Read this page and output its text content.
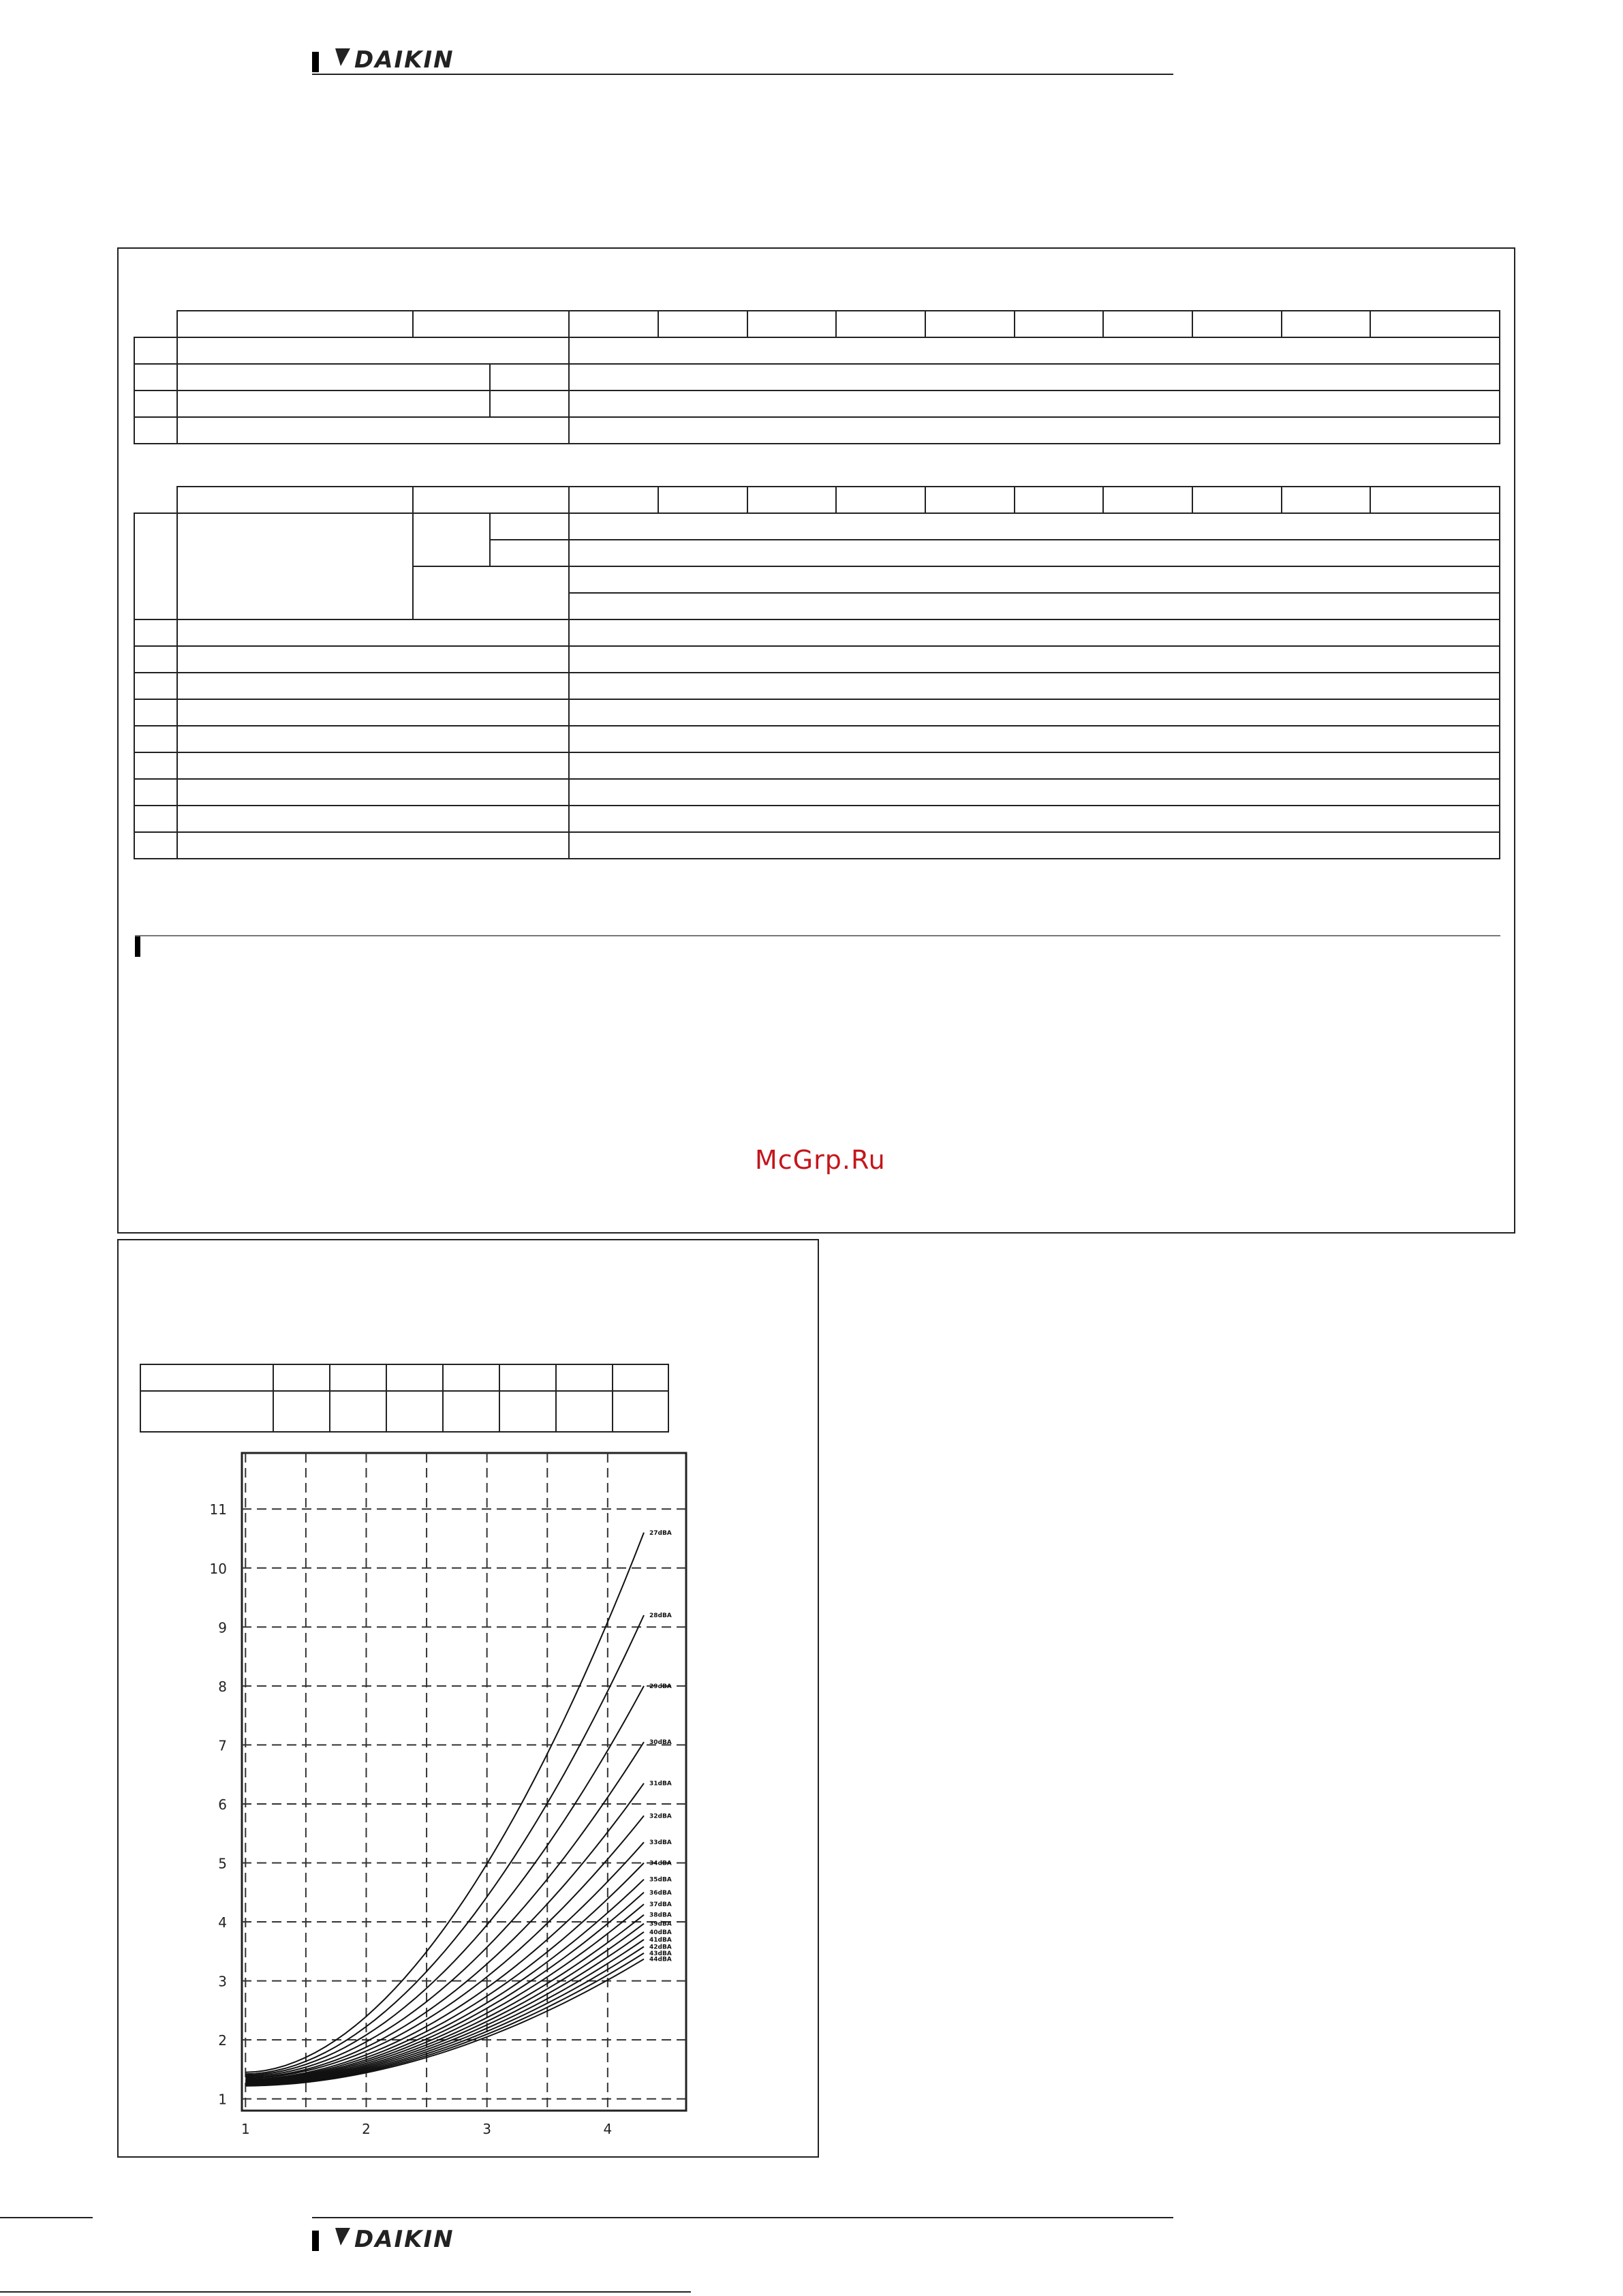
DAIKIN

McGrp.Ru

1
2
3
4
5
6
7
8
9
10
11
1	2	3	4
27dBA
28dBA
29dBA
30dBA
31dBA
32dBA
33dBA
34dBA
35dBA
36dBA
37dBA
38dBA
39dBA
40dBA
41dBA
42dBA
43dBA
44dBA
DAIKIN
